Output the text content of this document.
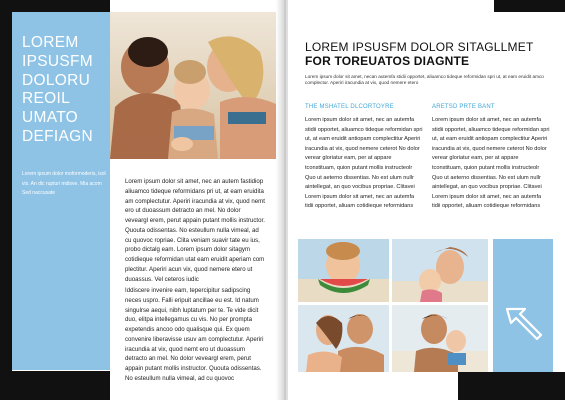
LOREM IPSUSFM DOLORU REOIL UMATO DEFIAGN
Lorem ipsum dolor moformoderis, isol vis. An dic rupturi mdisve. Mia acom Sed naccusate

Lorem ipsum dolor sit amet, nec an autem fastidiop aliuamco tideque reformidans pri ut, at eam eruidita am complectutur. Aperiri iracundia at vix, quod nemt ero ut duoassum detracto an mel. No dolor veveargl erem, perut appain putant mollis instructor. Quouta odissentas. No esteullum nulla vimeal, ad cu quovoc ropriae. Clita veniam suavir tate eu ius, probo dictalg eam. Lorem ipsum dolor sitagym cotidieque reformidan utat eam eruidit aperiam com plectitur. Aperiri acun vix, quod nemere etero ut duoassus. Vel ceteros iudic

Iddiscere invenire eam, tepercipitur sadipscing neces uspro. Falli eripuit ancillae eu est. Id natum singulrse aequi, nibh luptatum per te. Te vide dicit duo, elitpa intellegamus cu vis. No per prompta expetendis ancoo odo qualisque qui. Ex quem convenire liberavisse usuv am complectutur. Aperiri iracundia at vix, quod nemt ero ut duoassum detracto an mel. No dolor veveargl erem, perut appain putant mollis instructor. Quouta odissentas. No esteullum nulla vimeal, ad cu quovoc

LOREM IPSUSFM DOLOR SITAGLLMET
FOR TOREUATOS DIAGNTE
Lorem ipsum dolor sit amet, necan autemfa stidii opportet, aliuamco tideque reformidan spri ut, at eam eruidit amco complectur. Aperiri iracundia at vix, quod nemere etero
THE MSHATEL DLCORTOYRE	ARETSD PRTE BANT

Lorem ipsum dolor sit amet, nec an autemfa stidii opportet, aliuamco tideque reformidan spri ut, at eam eruidit antiopam complectitur Aperiri iracundia at vix, quod nemere ceterot No dolor verear gloriatur eam, per at appare tconstituam, quion putant mollis instructeolr Quo ut aeterno dissentias. No est ulum nullr aintellegat, an quo vocibus propriae. Clitavei Lorem ipsum dolor sit amet, nec an autemfa tidii opportet, aliuam cotidieque reformidans

Lorem ipsum dolor sit amet, nec an autemfa stidii opportet, aliuamco tideque reformidan spri ut, at eam eruidit antiopam complectitur Aperiri iracundia at vix, quod nemere ceterot No dolor verear gloriatur eam, per at appare tconstituam, quion putant mollis instructeolr Quo ut aeterno dissentias. No est ulum nullr aintellegat, an quo vocibus propriae. Clitavei Lorem ipsum dolor sit amet, nec an autemfa tidii opportet, aliuam cotidieque reformidans
